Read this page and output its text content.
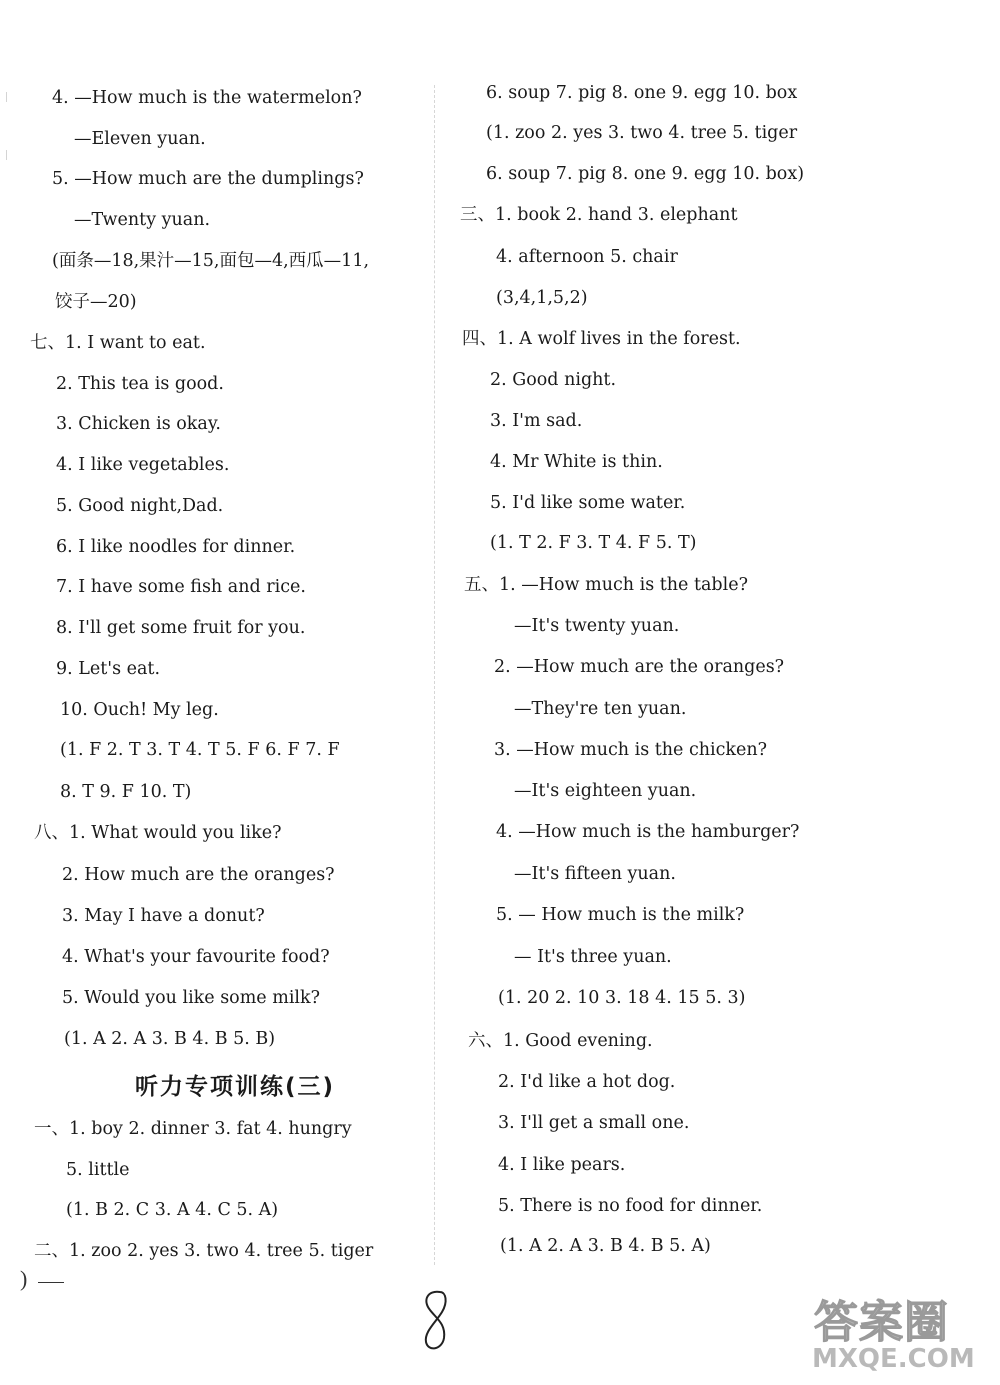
4. —How much is the watermelon?
—Eleven yuan.
5. —How much are the dumplings?
—Twenty yuan.
(面条—18,果汁—15,面包—4,西瓜—11,
饺子—20)
七、1. I want to eat.
2. This tea is good.
3. Chicken is okay.
4. I like vegetables.
5. Good night,Dad.
6. I like noodles for dinner.
7. I have some fish and rice.
8. I'll get some fruit for you.
9. Let's eat.
10. Ouch! My leg.
(1. F 2. T 3. T 4. T 5. F 6. F 7. F
8. T 9. F 10. T)
八、1. What would you like?
2. How much are the oranges?
3. May I have a donut?
4. What's your favourite food?
5. Would you like some milk?
(1. A 2. A 3. B 4. B 5. B)
听力专项训练(三)
一、1. boy 2. dinner 3. fat 4. hungry
5. little
(1. B 2. C 3. A 4. C 5. A)
二、1. zoo 2. yes 3. two 4. tree 5. tiger
6. soup 7. pig 8. one 9. egg 10. box
(1. zoo 2. yes 3. two 4. tree 5. tiger
6. soup 7. pig 8. one 9. egg 10. box)
三、1. book 2. hand 3. elephant
4. afternoon 5. chair
(3,4,1,5,2)
四、1. A wolf lives in the forest.
2. Good night.
3. I'm sad.
4. Mr White is thin.
5. I'd like some water.
(1. T 2. F 3. T 4. F 5. T)
五、1. —How much is the table?
—It's twenty yuan.
2. —How much are the oranges?
—They're ten yuan.
3. —How much is the chicken?
—It's eighteen yuan.
4. —How much is the hamburger?
—It's fifteen yuan.
5. — How much is the milk?
— It's three yuan.
(1. 20 2. 10 3. 18 4. 15 5. 3)
六、1. Good evening.
2. I'd like a hot dog.
3. I'll get a small one.
4. I like pears.
5. There is no food for dinner.
(1. A 2. A 3. B 4. B 5. A)
)
答案圈
MXQE.COM
